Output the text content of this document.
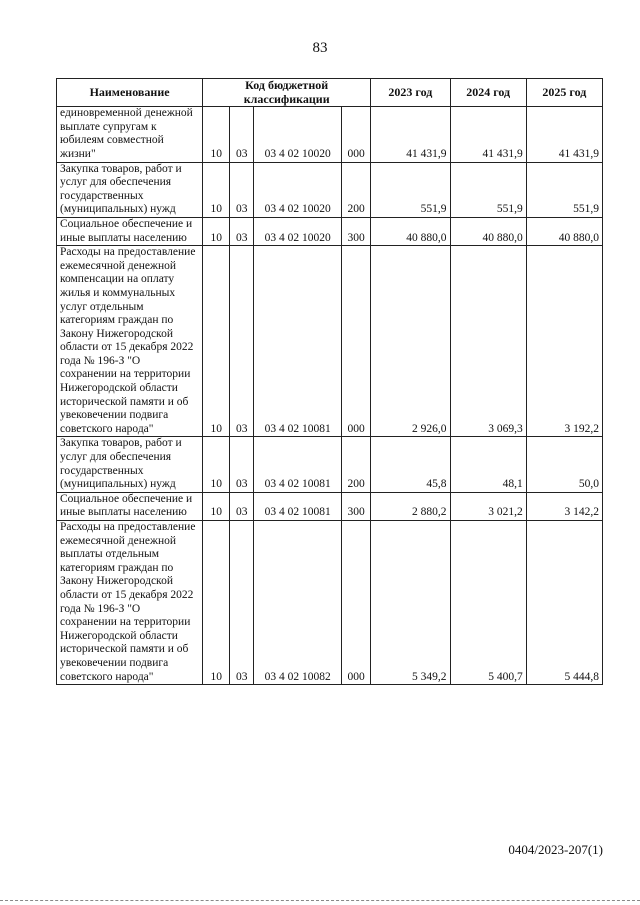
83
Наименование	Код бюджетной классификации				2023 год	2024 год	2025 год
единовременной денежной выплате супругам к юбилеям совместной жизни"	10	03	03 4 02 10020	000	41 431,9	41 431,9	41 431,9
Закупка товаров, работ и услуг для обеспечения государственных (муниципальных) нужд	10	03	03 4 02 10020	200	551,9	551,9	551,9
Социальное обеспечение и иные выплаты населению	10	03	03 4 02 10020	300	40 880,0	40 880,0	40 880,0
Расходы на предоставление ежемесячной денежной компенсации на оплату жилья и коммунальных услуг отдельным категориям граждан по Закону Нижегородской области от 15 декабря 2022 года № 196-З "О сохранении на территории Нижегородской области исторической памяти и об увековечении подвига советского народа"	10	03	03 4 02 10081	000	2 926,0	3 069,3	3 192,2
Закупка товаров, работ и услуг для обеспечения государственных (муниципальных) нужд	10	03	03 4 02 10081	200	45,8	48,1	50,0
Социальное обеспечение и иные выплаты населению	10	03	03 4 02 10081	300	2 880,2	3 021,2	3 142,2
Расходы на предоставление ежемесячной денежной выплаты отдельным категориям граждан по Закону Нижегородской области от 15 декабря 2022 года № 196-З "О сохранении на территории Нижегородской области исторической памяти и об увековечении подвига советского народа"	10	03	03 4 02 10082	000	5 349,2	5 400,7	5 444,8
0404/2023-207(1)
